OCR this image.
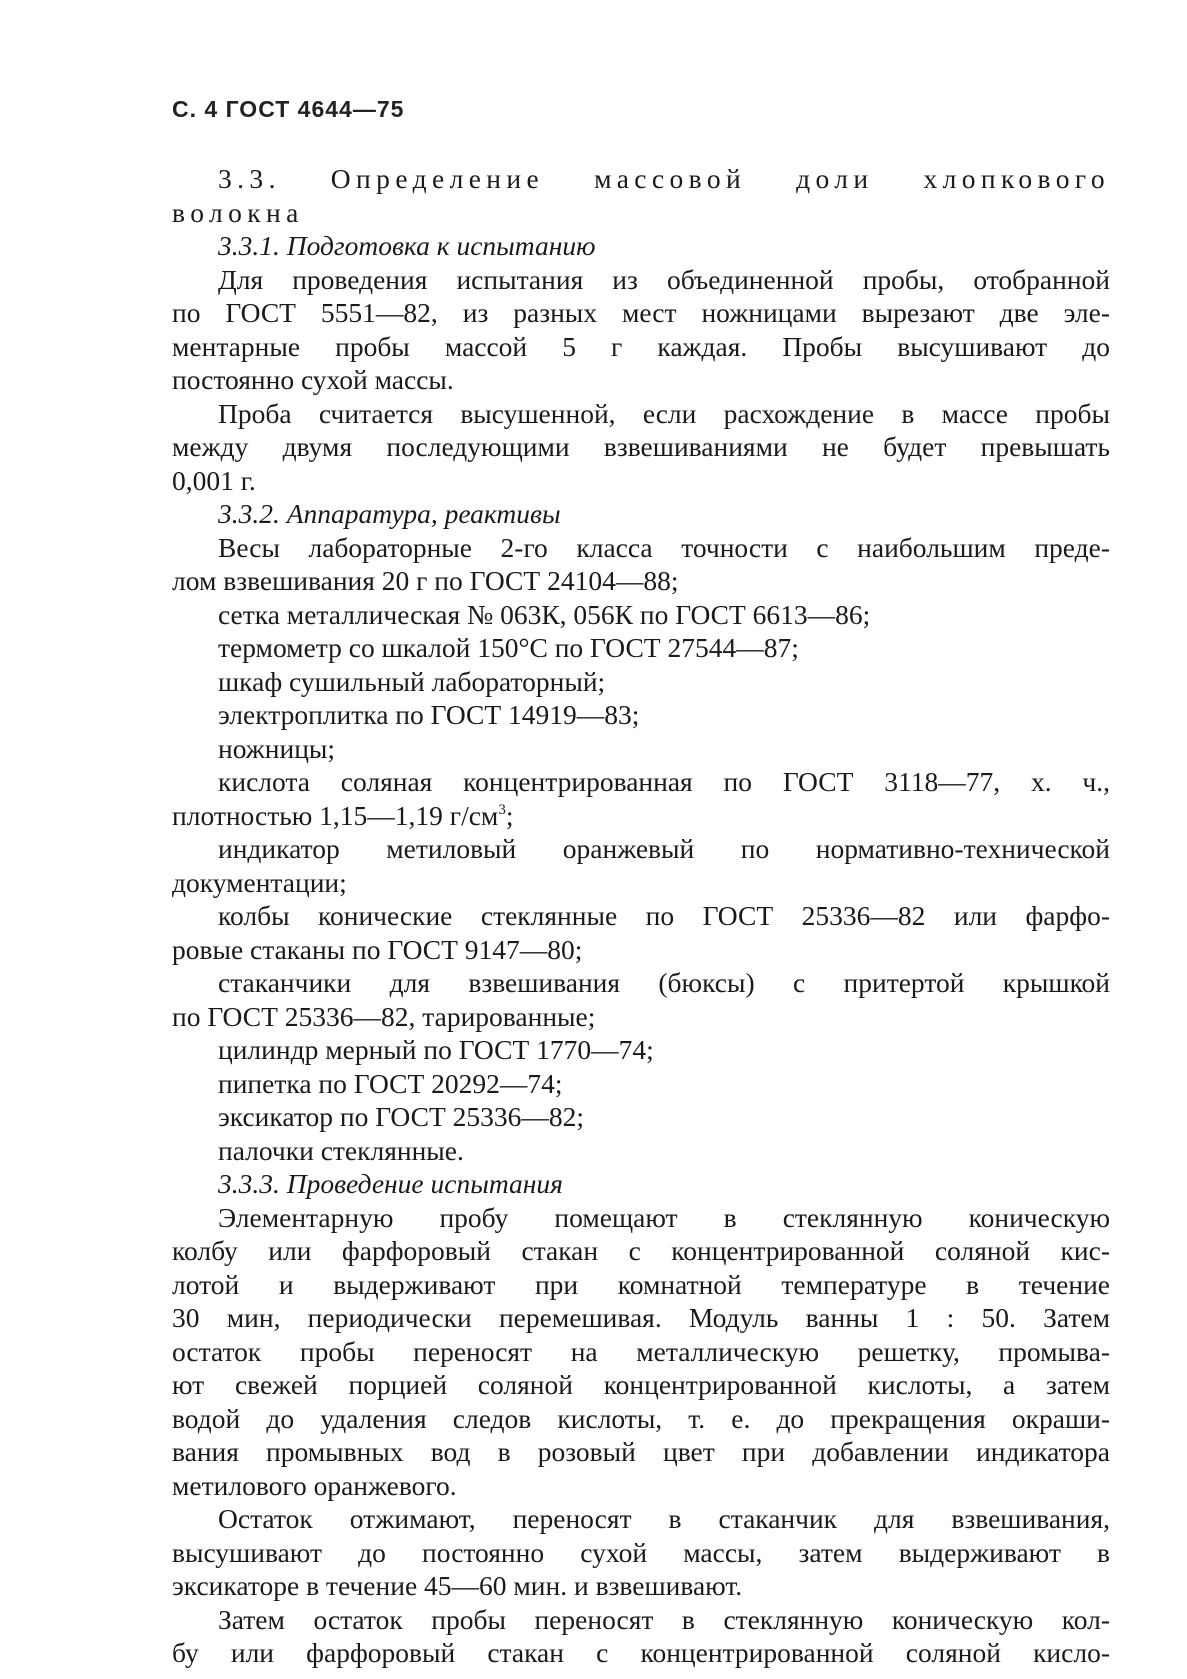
С. 4 ГОСТ 4644—75
3.3. Определение массовой доли хлопкового
волокна
3.3.1. Подготовка к испытанию
Для проведения испытания из объединенной пробы, отобранной
по ГОСТ 5551—82, из разных мест ножницами вырезают две эле-
ментарные пробы массой 5 г каждая. Пробы высушивают до
постоянно сухой массы.
Проба считается высушенной, если расхождение в массе пробы
между двумя последующими взвешиваниями не будет превышать
0,001 г.
3.3.2. Аппаратура, реактивы
Весы лабораторные 2-го класса точности с наибольшим преде-
лом взвешивания 20 г по ГОСТ 24104—88;
сетка металлическая № 063К, 056К по ГОСТ 6613—86;
термометр со шкалой 150°С по ГОСТ 27544—87;
шкаф сушильный лабораторный;
электроплитка по ГОСТ 14919—83;
ножницы;
кислота соляная концентрированная по ГОСТ 3118—77, х. ч.,
плотностью 1,15—1,19 $г/см^3$;
индикатор метиловый оранжевый по нормативно-технической
документации;
колбы конические стеклянные по ГОСТ 25336—82 или фарфо-
ровые стаканы по ГОСТ 9147—80;
стаканчики для взвешивания (бюксы) с притертой крышкой
по ГОСТ 25336—82, тарированные;
цилиндр мерный по ГОСТ 1770—74;
пипетка по ГОСТ 20292—74;
эксикатор по ГОСТ 25336—82;
палочки стеклянные.
3.3.3. Проведение испытания
Элементарную пробу помещают в стеклянную коническую
колбу или фарфоровый стакан с концентрированной соляной кис-
лотой и выдерживают при комнатной температуре в течение
30 мин, периодически перемешивая. Модуль ванны 1 : 50. Затем
остаток пробы переносят на металлическую решетку, промыва-
ют свежей порцией соляной концентрированной кислоты, а затем
водой до удаления следов кислоты, т. е. до прекращения окраши-
вания промывных вод в розовый цвет при добавлении индикатора
метилового оранжевого.
Остаток отжимают, переносят в стаканчик для взвешивания,
высушивают до постоянно сухой массы, затем выдерживают в
эксикаторе в течение 45—60 мин. и взвешивают.
Затем остаток пробы переносят в стеклянную коническую кол-
бу или фарфоровый стакан с концентрированной соляной кисло-
